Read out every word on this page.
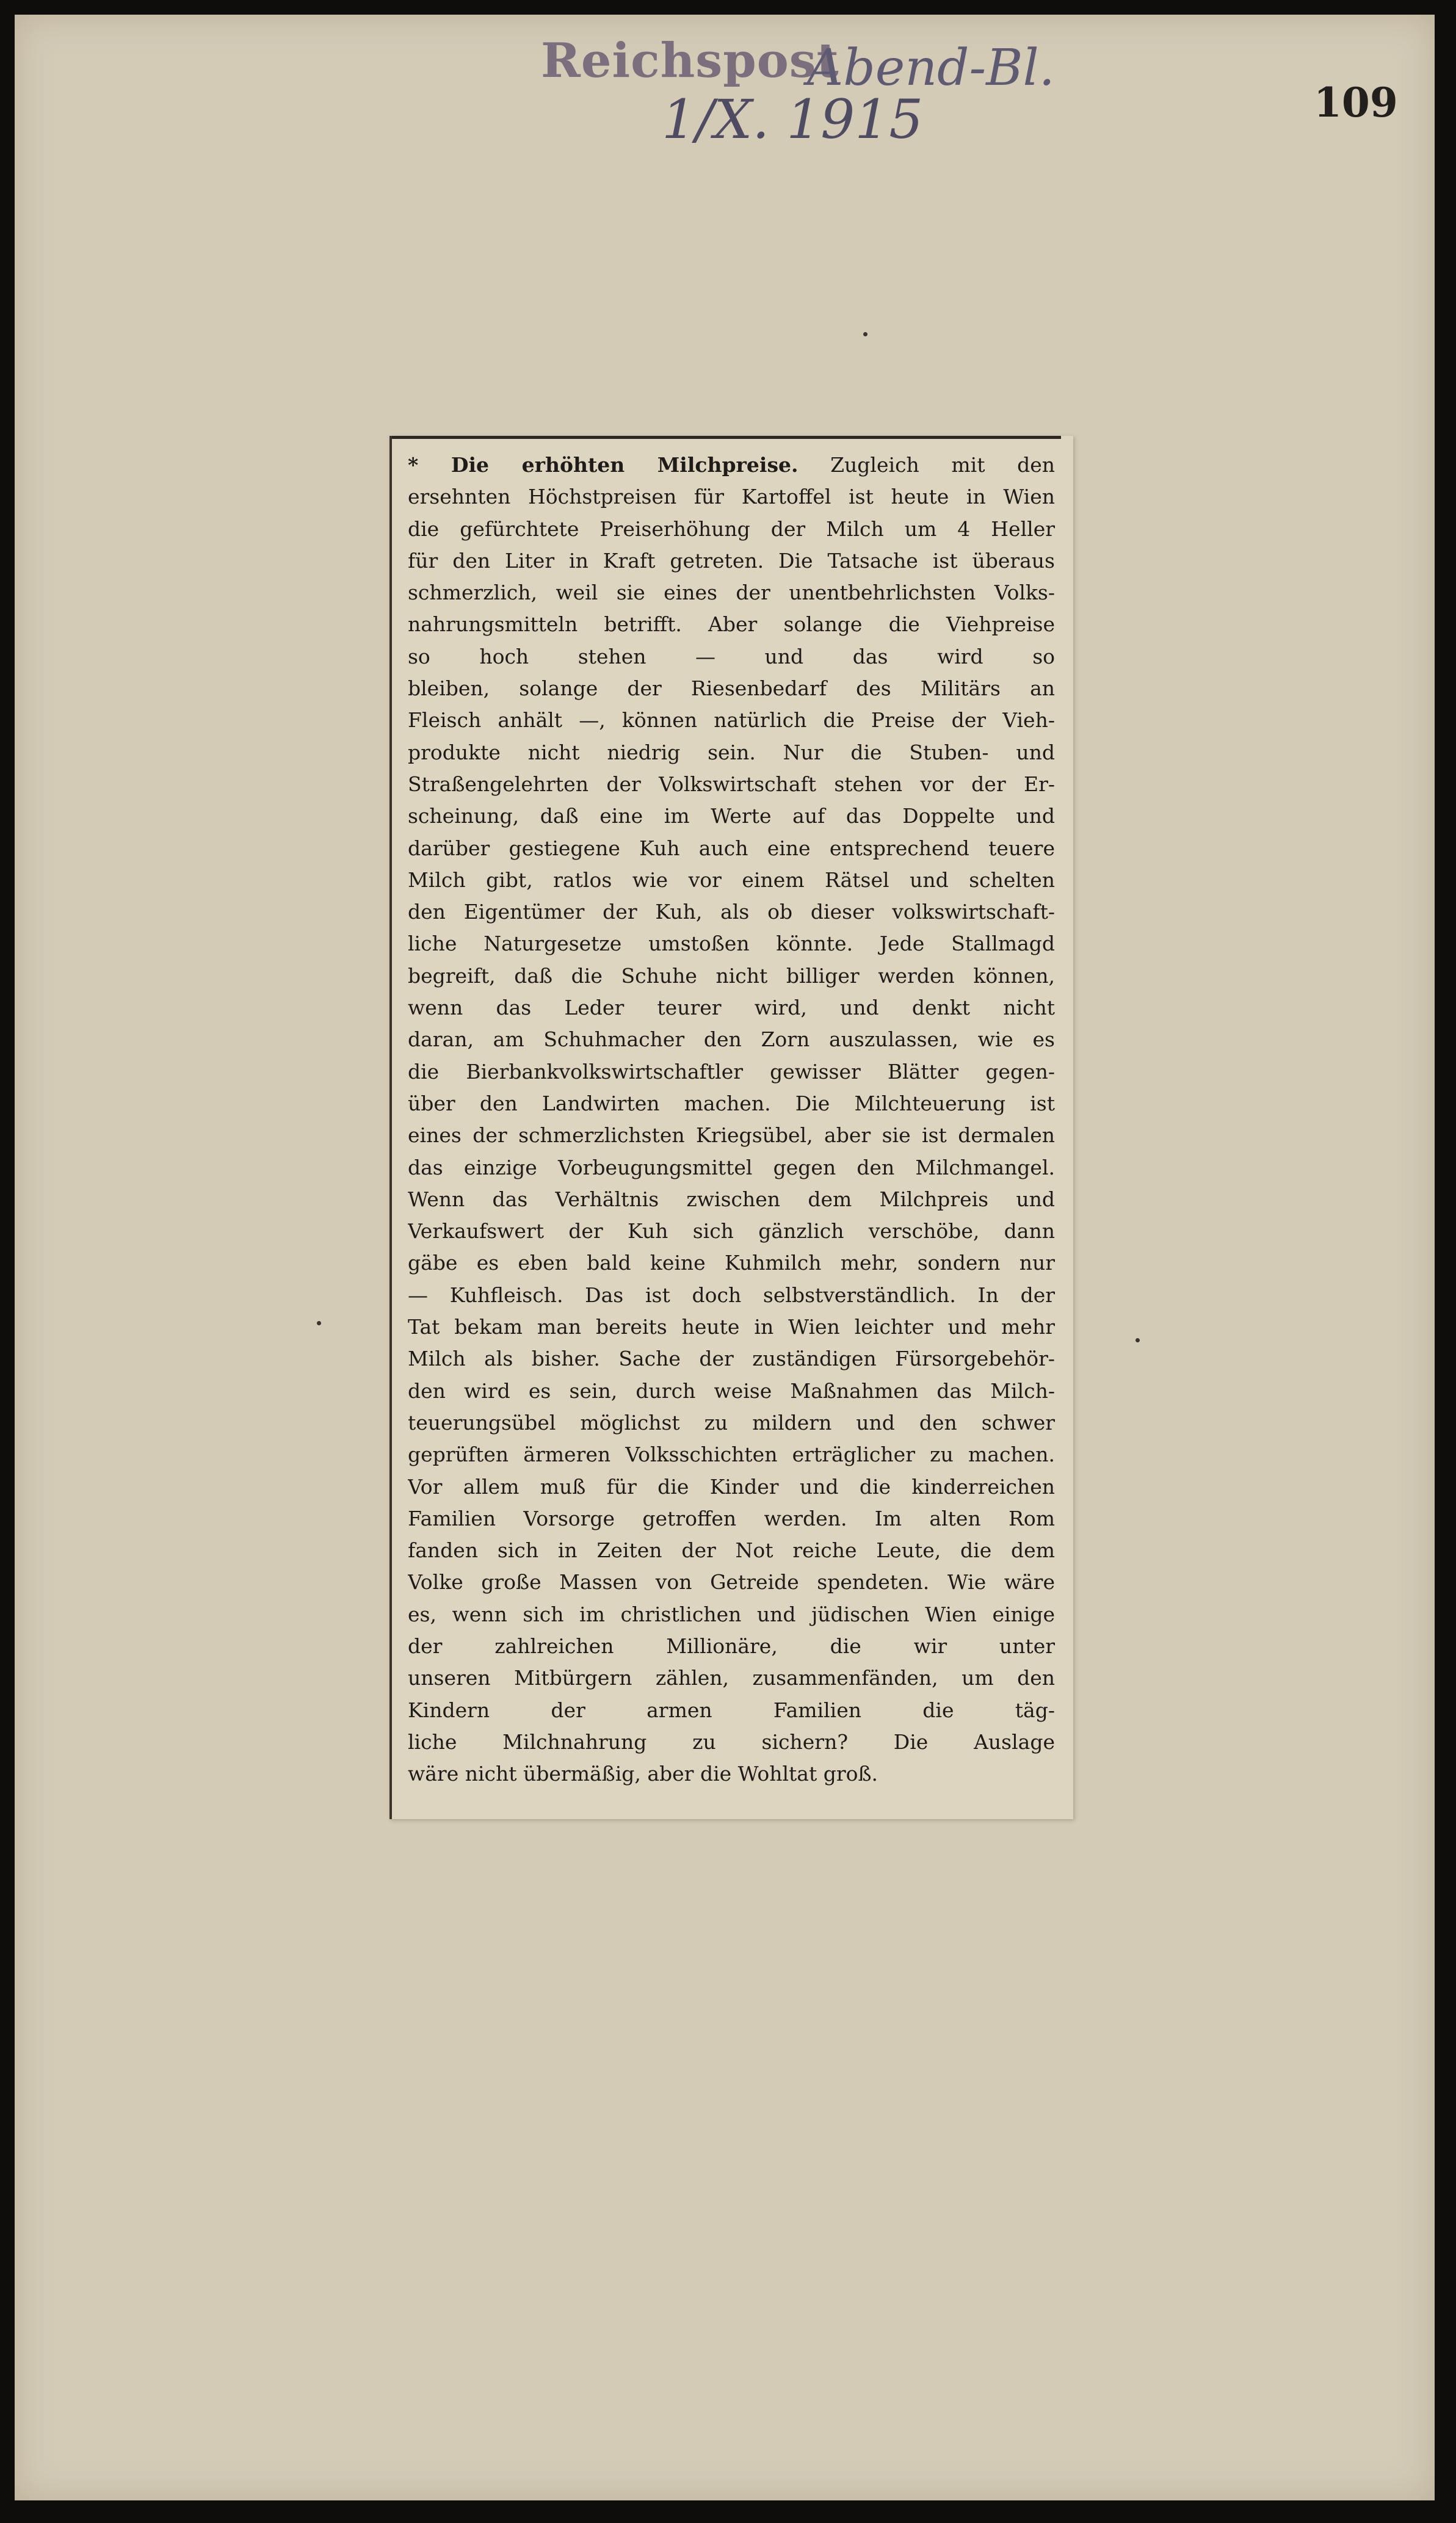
Reichspost
Abend-Bl.
1/X. 1915	109
* Die erhöhten Milchpreise. Zugleich mit den
ersehnten Höchstpreisen für Kartoffel ist heute in Wien
die gefürchtete Preiserhöhung der Milch um 4 Heller
für den Liter in Kraft getreten. Die Tatsache ist überaus
schmerzlich, weil sie eines der unentbehrlichsten Volks-
nahrungsmitteln betrifft. Aber solange die Viehpreise
so hoch stehen — und das wird so
bleiben, solange der Riesenbedarf des Militärs an
Fleisch anhält —, können natürlich die Preise der Vieh-
produkte nicht niedrig sein. Nur die Stuben- und
Straßengelehrten der Volkswirtschaft stehen vor der Er-
scheinung, daß eine im Werte auf das Doppelte und
darüber gestiegene Kuh auch eine entsprechend teuere
Milch gibt, ratlos wie vor einem Rätsel und schelten
den Eigentümer der Kuh, als ob dieser volkswirtschaft-
liche Naturgesetze umstoßen könnte. Jede Stallmagd
begreift, daß die Schuhe nicht billiger werden können,
wenn das Leder teurer wird, und denkt nicht
daran, am Schuhmacher den Zorn auszulassen, wie es
die Bierbankvolkswirtschaftler gewisser Blätter gegen-
über den Landwirten machen. Die Milchteuerung ist
eines der schmerzlichsten Kriegsübel, aber sie ist dermalen
das einzige Vorbeugungsmittel gegen den Milchmangel.
Wenn das Verhältnis zwischen dem Milchpreis und
Verkaufswert der Kuh sich gänzlich verschöbe, dann
gäbe es eben bald keine Kuhmilch mehr, sondern nur
— Kuhfleisch. Das ist doch selbstverständlich. In der
Tat bekam man bereits heute in Wien leichter und mehr
Milch als bisher. Sache der zuständigen Fürsorgebehör-
den wird es sein, durch weise Maßnahmen das Milch-
teuerungsübel möglichst zu mildern und den schwer
geprüften ärmeren Volksschichten erträglicher zu machen.
Vor allem muß für die Kinder und die kinderreichen
Familien Vorsorge getroffen werden. Im alten Rom
fanden sich in Zeiten der Not reiche Leute, die dem
Volke große Massen von Getreide spendeten. Wie wäre
es, wenn sich im christlichen und jüdischen Wien einige
der zahlreichen Millionäre, die wir unter
unseren Mitbürgern zählen, zusammenfänden, um den
Kindern der armen Familien die täg-
liche Milchnahrung zu sichern? Die Auslage
wäre nicht übermäßig, aber die Wohltat groß.
